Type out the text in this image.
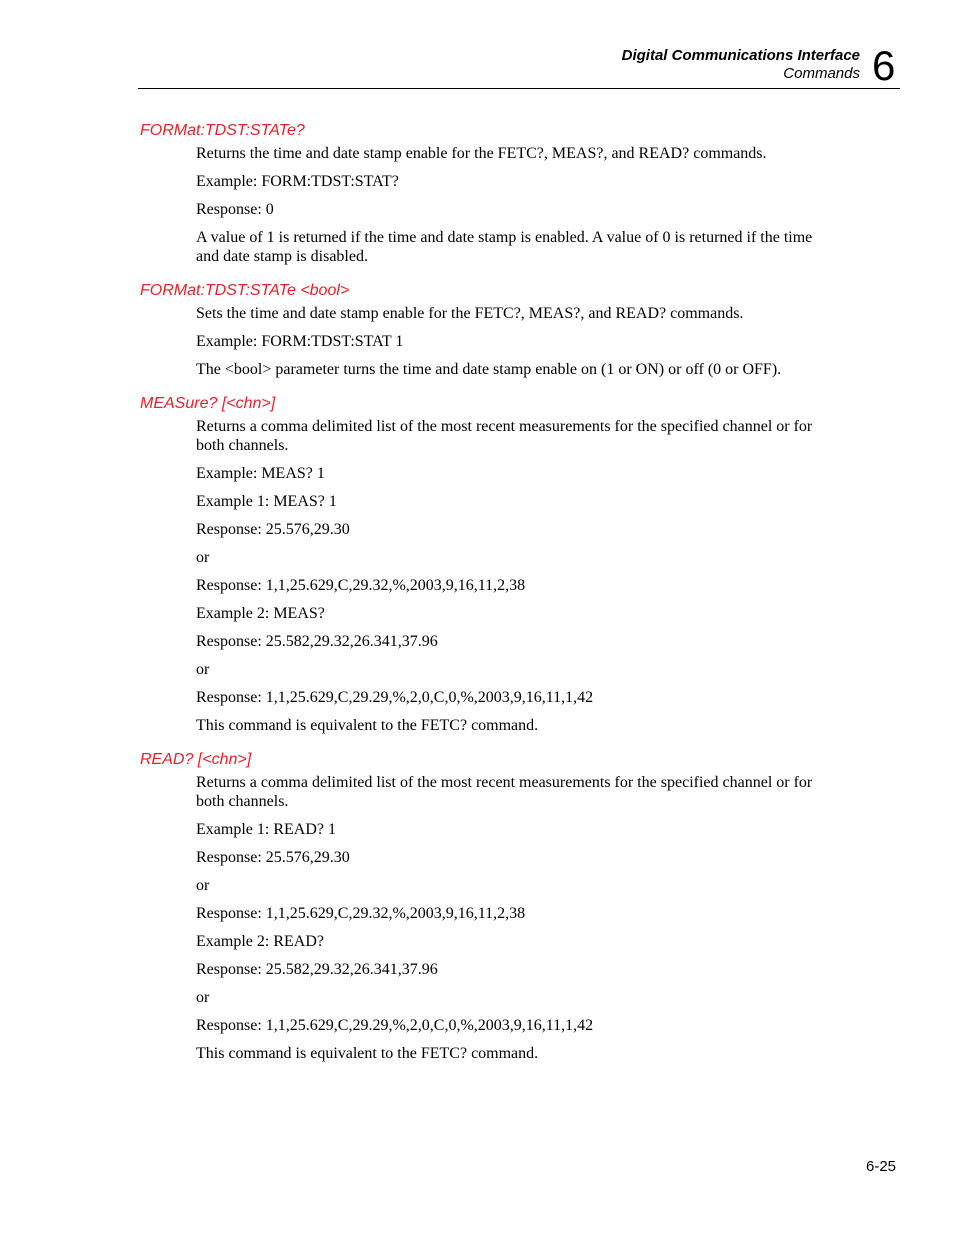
Digital Communications Interface
Commands 6
FORMat:TDST:STATe?

Returns the time and date stamp enable for the FETC?, MEAS?, and READ? commands.

Example: FORM:TDST:STAT?

Response: 0

A value of 1 is returned if the time and date stamp is enabled. A value of 0 is returned if the time and date stamp is disabled.

FORMat:TDST:STATe <bool>

Sets the time and date stamp enable for the FETC?, MEAS?, and READ? commands.

Example: FORM:TDST:STAT 1

The <bool> parameter turns the time and date stamp enable on (1 or ON) or off (0 or OFF).

MEASure? [<chn>]

Returns a comma delimited list of the most recent measurements for the specified channel or for both channels.

Example: MEAS? 1

Example 1: MEAS? 1

Response: 25.576,29.30

or

Response: 1,1,25.629,C,29.32,%,2003,9,16,11,2,38

Example 2: MEAS?

Response: 25.582,29.32,26.341,37.96

or

Response: 1,1,25.629,C,29.29,%,2,0,C,0,%,2003,9,16,11,1,42

This command is equivalent to the FETC? command.

READ? [<chn>]

Returns a comma delimited list of the most recent measurements for the specified channel or for both channels.

Example 1: READ? 1

Response: 25.576,29.30

or

Response: 1,1,25.629,C,29.32,%,2003,9,16,11,2,38

Example 2: READ?

Response: 25.582,29.32,26.341,37.96

or

Response: 1,1,25.629,C,29.29,%,2,0,C,0,%,2003,9,16,11,1,42

This command is equivalent to the FETC? command.

6-25
